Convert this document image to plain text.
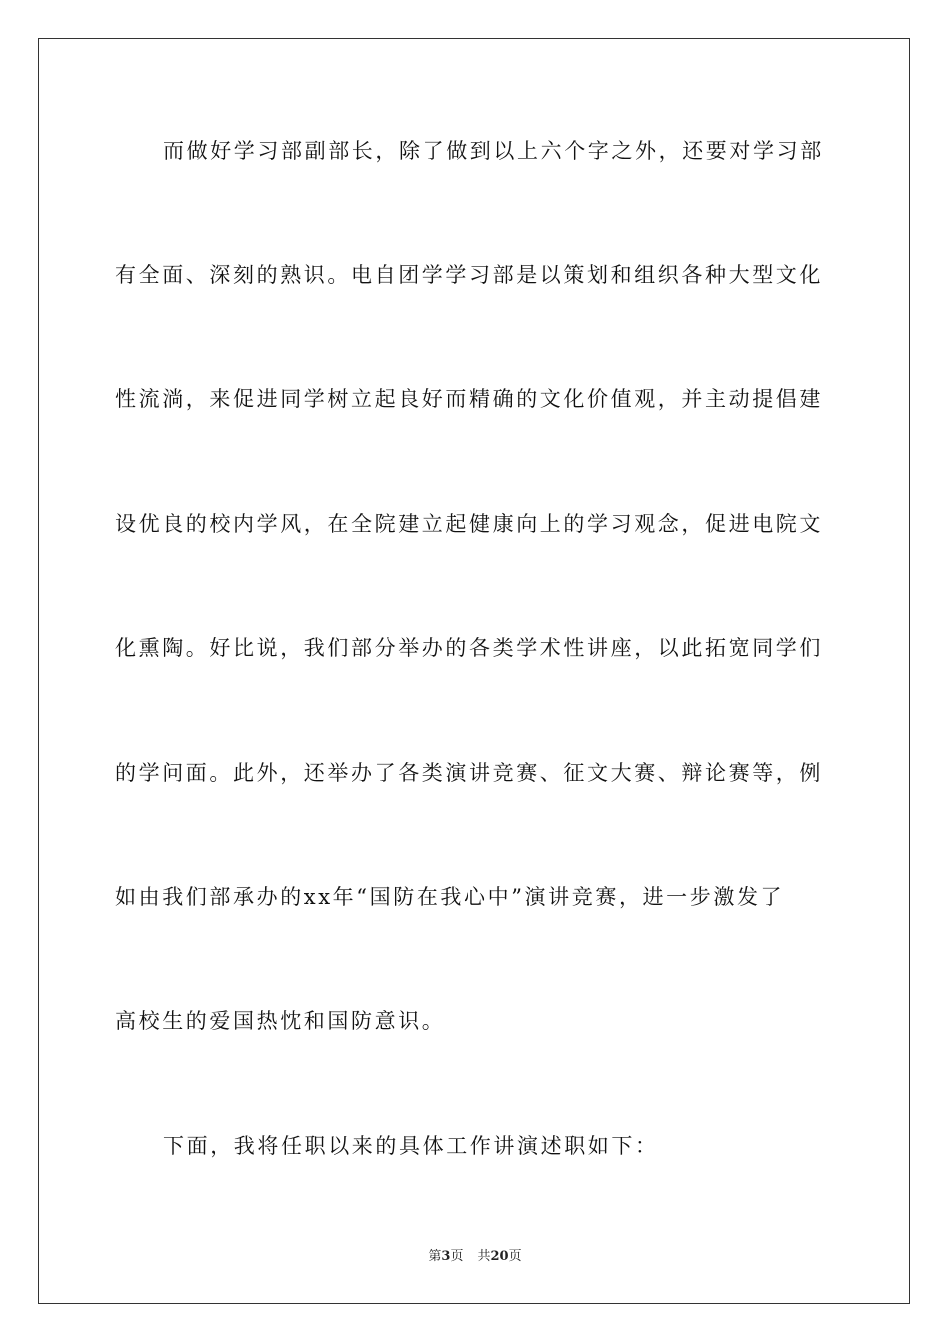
而做好学习部副部长，除了做到以上六个字之外，还要对学习部
有全面、深刻的熟识。电自团学学习部是以策划和组织各种大型文化
性流淌，来促进同学树立起良好而精确的文化价值观，并主动提倡建
设优良的校内学风，在全院建立起健康向上的学习观念，促进电院文
化熏陶。好比说，我们部分举办的各类学术性讲座，以此拓宽同学们
的学问面。此外，还举办了各类演讲竞赛、征文大赛、辩论赛等，例
如由我们部承办的xx年“国防在我心中”演讲竞赛，进一步激发了
高校生的爱国热忱和国防意识。
下面，我将任职以来的具体工作讲演述职如下：
第3页 共20页
